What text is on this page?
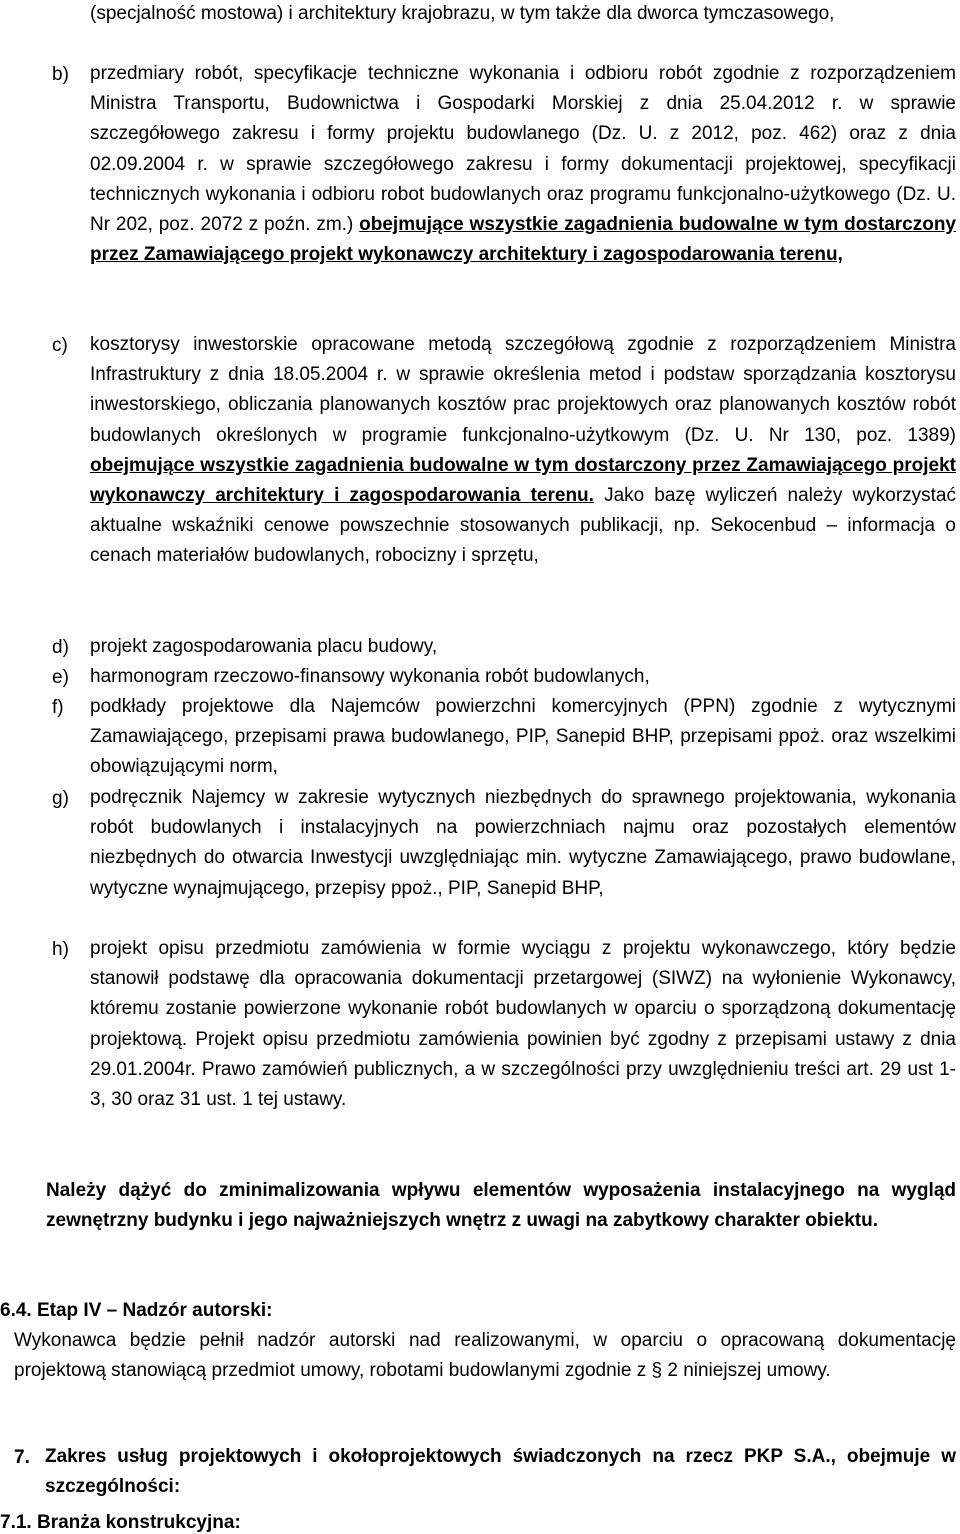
(specjalność mostowa) i architektury krajobrazu, w tym także dla dworca tymczasowego,
b) przedmiary robót, specyfikacje techniczne wykonania i odbioru robót zgodnie z rozporządzeniem Ministra Transportu, Budownictwa i Gospodarki Morskiej z dnia 25.04.2012 r. w sprawie szczegółowego zakresu i formy projektu budowlanego (Dz. U. z 2012, poz. 462) oraz z dnia 02.09.2004 r. w sprawie szczegółowego zakresu i formy dokumentacji projektowej, specyfikacji technicznych wykonania i odbioru robot budowlanych oraz programu funkcjonalno-użytkowego (Dz. U. Nr 202, poz. 2072 z poźn. zm.) obejmujące wszystkie zagadnienia budowalne w tym dostarczony przez Zamawiającego projekt wykonawczy architektury i zagospodarowania terenu,
c) kosztorysy inwestorskie opracowane metodą szczegółową zgodnie z rozporządzeniem Ministra Infrastruktury z dnia 18.05.2004 r. w sprawie określenia metod i podstaw sporządzania kosztorysu inwestorskiego, obliczania planowanych kosztów prac projektowych oraz planowanych kosztów robót budowlanych określonych w programie funkcjonalno-użytkowym (Dz. U. Nr 130, poz. 1389) obejmujące wszystkie zagadnienia budowalne w tym dostarczony przez Zamawiającego projekt wykonawczy architektury i zagospodarowania terenu. Jako bazę wyliczeń należy wykorzystać aktualne wskaźniki cenowe powszechnie stosowanych publikacji, np. Sekocenbud – informacja o cenach materiałów budowlanych, robocizny i sprzętu,
d) projekt zagospodarowania placu budowy,
e) harmonogram rzeczowo-finansowy wykonania robót budowlanych,
f) podkłady projektowe dla Najemców powierzchni komercyjnych (PPN) zgodnie z wytycznymi Zamawiającego, przepisami prawa budowlanego, PIP, Sanepid BHP, przepisami ppoż. oraz wszelkimi obowiązującymi norm,
g) podręcznik Najemcy w zakresie wytycznych niezbędnych do sprawnego projektowania, wykonania robót budowlanych i instalacyjnych na powierzchniach najmu oraz pozostałych elementów niezbędnych do otwarcia Inwestycji uwzględniając min. wytyczne Zamawiającego, prawo budowlane, wytyczne wynajmującego, przepisy ppoż., PIP, Sanepid BHP,
h) projekt opisu przedmiotu zamówienia w formie wyciągu z projektu wykonawczego, który będzie stanowił podstawę dla opracowania dokumentacji przetargowej (SIWZ) na wyłonienie Wykonawcy, któremu zostanie powierzone wykonanie robót budowlanych w oparciu o sporządzoną dokumentację projektową. Projekt opisu przedmiotu zamówienia powinien być zgodny z przepisami ustawy z dnia 29.01.2004r. Prawo zamówień publicznych, a w szczególności przy uwzględnieniu treści art. 29 ust 1-3, 30 oraz 31 ust. 1 tej ustawy.
Należy dążyć do zminimalizowania wpływu elementów wyposażenia instalacyjnego na wygląd zewnętrzny budynku i jego najważniejszych wnętrz z uwagi na zabytkowy charakter obiektu.
6.4. Etap IV – Nadzór autorski:
Wykonawca będzie pełnił nadzór autorski nad realizowanymi, w oparciu o opracowaną dokumentację projektową stanowiącą przedmiot umowy, robotami budowlanymi zgodnie z § 2 niniejszej umowy.
7. Zakres usług projektowych i okołoprojektowych świadczonych na rzecz PKP S.A., obejmuje w szczególności:
7.1. Branża konstrukcyjna:
